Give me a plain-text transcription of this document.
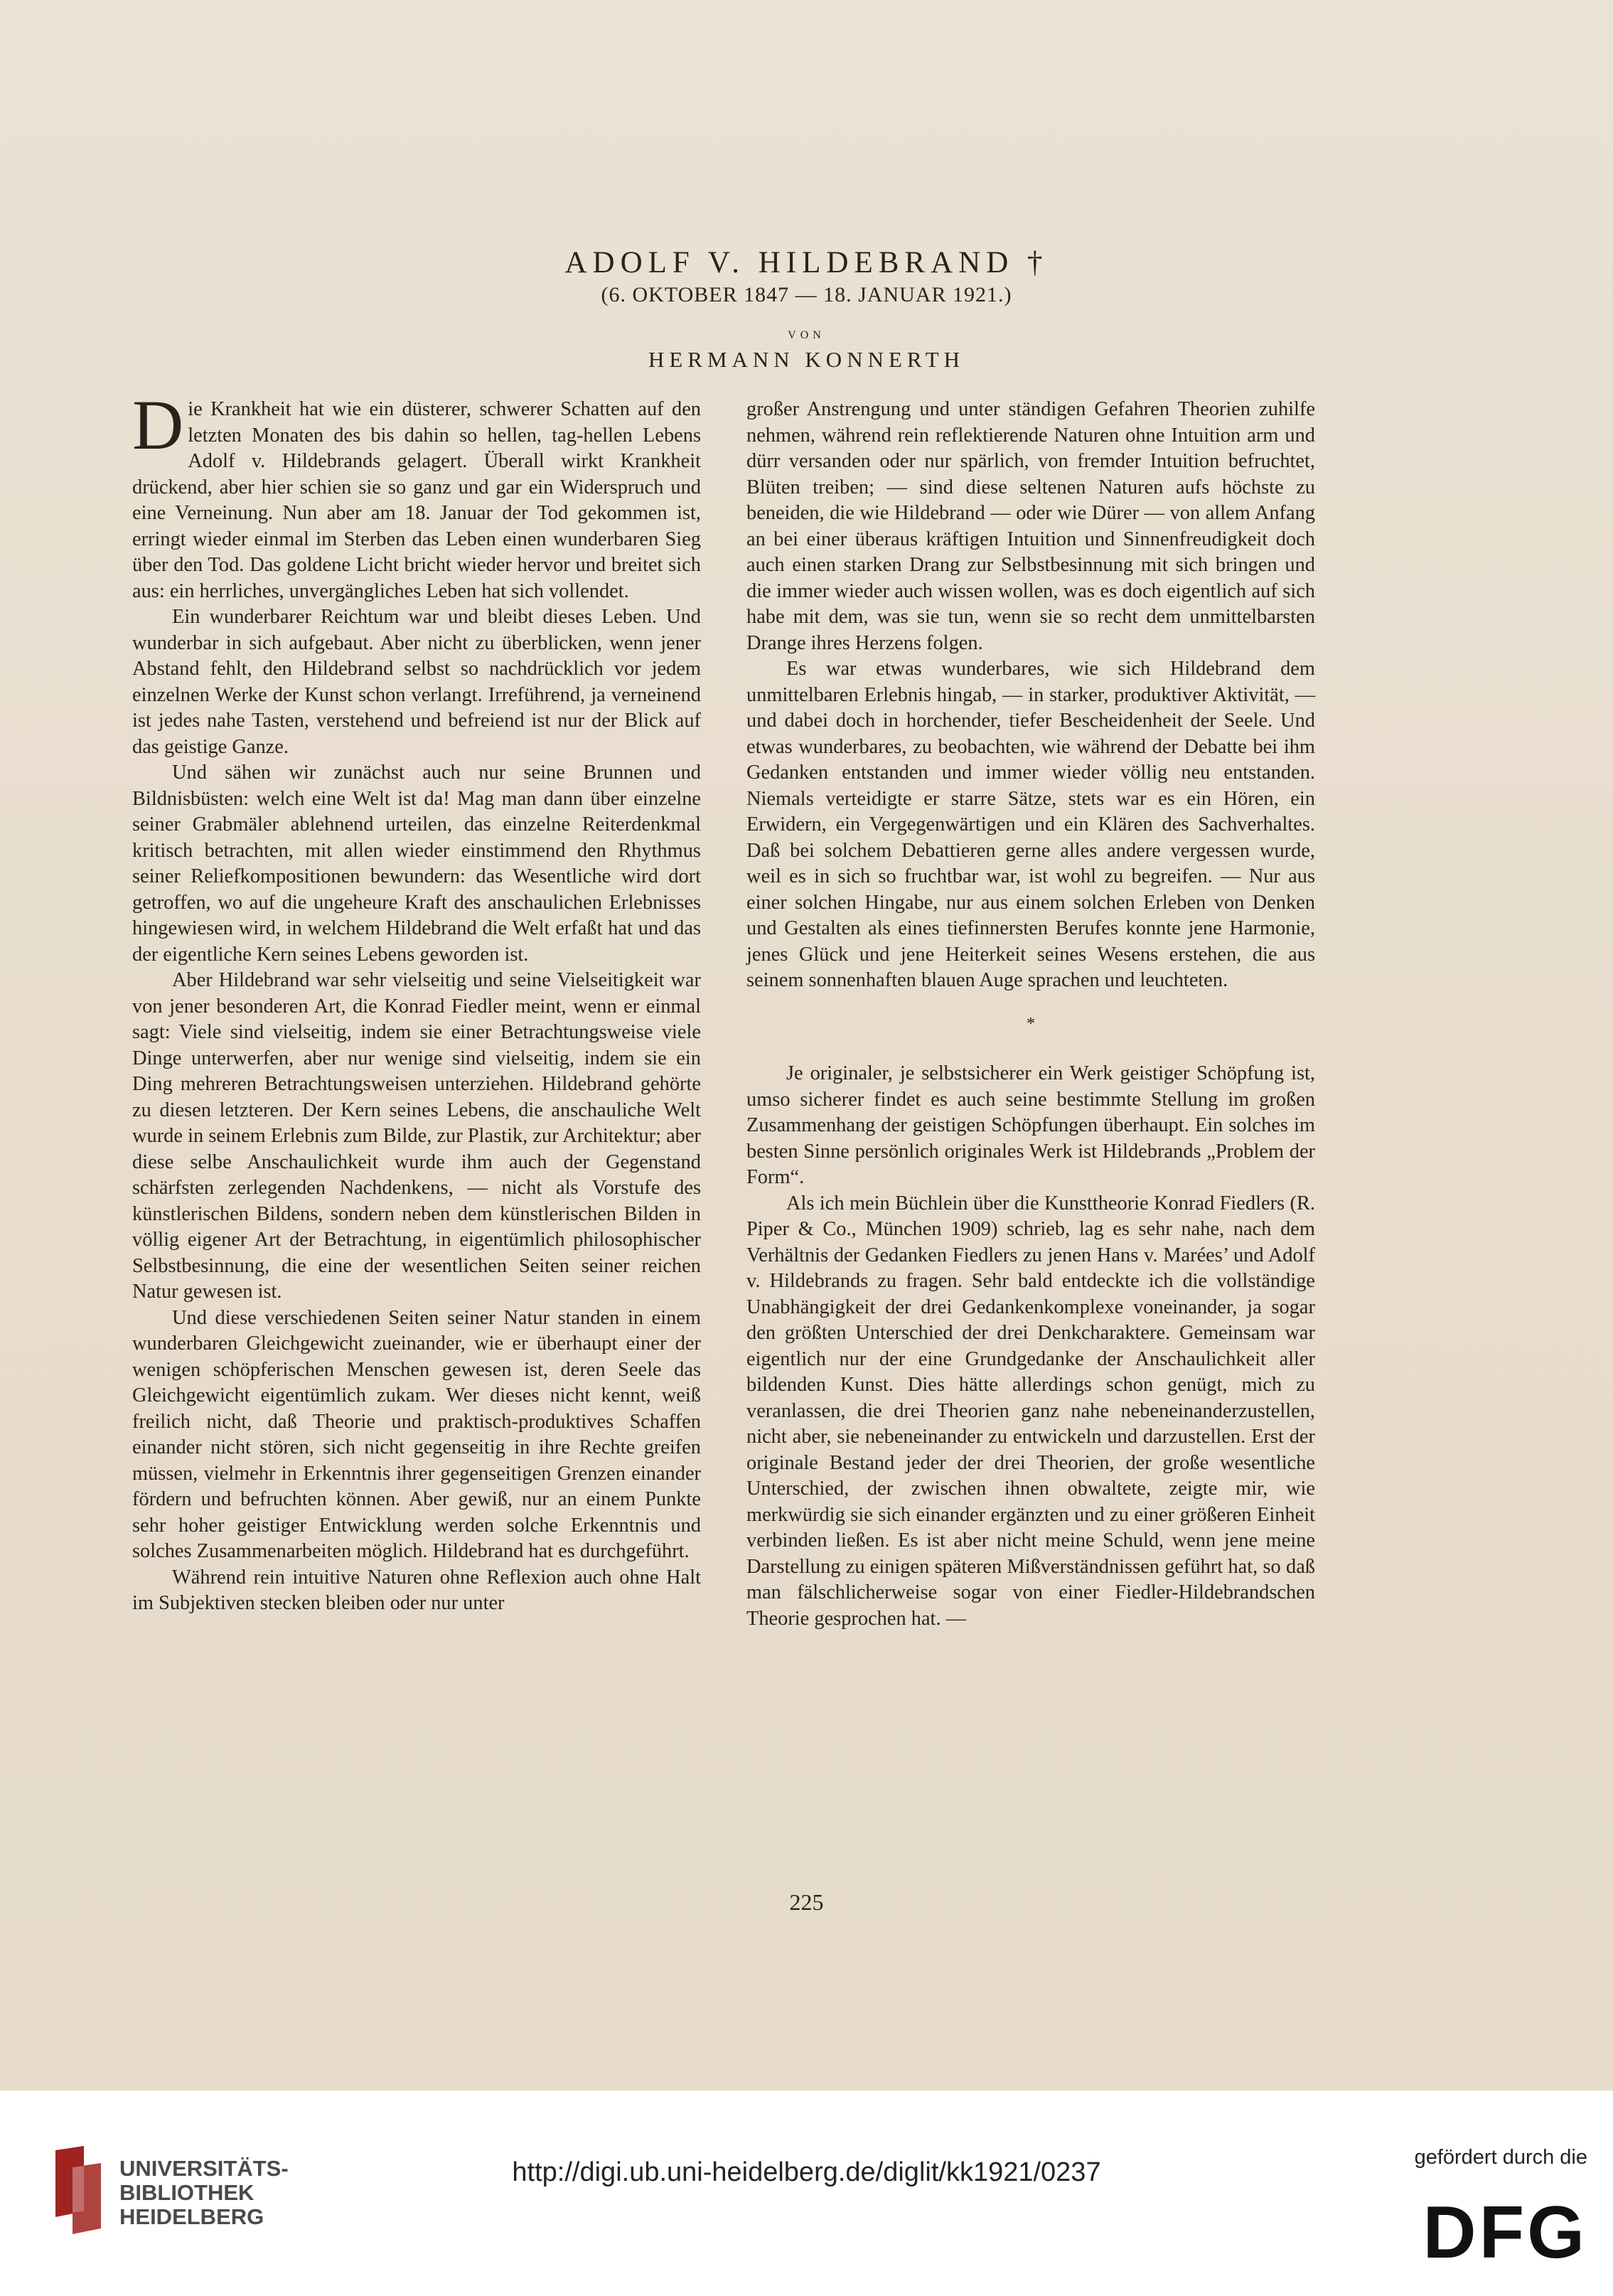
ADOLF V. HILDEBRAND †
(6. OKTOBER 1847 — 18. JANUAR 1921.)
VON
HERMANN KONNERTH

Die Krankheit hat wie ein düsterer, schwerer Schatten auf den letzten Monaten des bis dahin so hellen, tag-hellen Lebens Adolf v. Hildebrands gelagert. Überall wirkt Krankheit drückend, aber hier schien sie so ganz und gar ein Widerspruch und eine Verneinung. Nun aber am 18. Januar der Tod gekommen ist, erringt wieder einmal im Sterben das Leben einen wunderbaren Sieg über den Tod. Das goldene Licht bricht wieder hervor und breitet sich aus: ein herrliches, unvergängliches Leben hat sich vollendet.

Ein wunderbarer Reichtum war und bleibt dieses Leben. Und wunderbar in sich aufgebaut. Aber nicht zu überblicken, wenn jener Abstand fehlt, den Hildebrand selbst so nachdrücklich vor jedem einzelnen Werke der Kunst schon verlangt. Irreführend, ja verneinend ist jedes nahe Tasten, verstehend und befreiend ist nur der Blick auf das geistige Ganze.

Und sähen wir zunächst auch nur seine Brunnen und Bildnisbüsten: welch eine Welt ist da! Mag man dann über einzelne seiner Grabmäler ablehnend urteilen, das einzelne Reiterdenkmal kritisch betrachten, mit allen wieder einstimmend den Rhythmus seiner Reliefkompositionen bewundern: das Wesentliche wird dort getroffen, wo auf die ungeheure Kraft des anschaulichen Erlebnisses hingewiesen wird, in welchem Hildebrand die Welt erfaßt hat und das der eigentliche Kern seines Lebens geworden ist.

Aber Hildebrand war sehr vielseitig und seine Vielseitigkeit war von jener besonderen Art, die Konrad Fiedler meint, wenn er einmal sagt: Viele sind vielseitig, indem sie einer Betrachtungsweise viele Dinge unterwerfen, aber nur wenige sind vielseitig, indem sie ein Ding mehreren Betrachtungsweisen unterziehen. Hildebrand gehörte zu diesen letzteren. Der Kern seines Lebens, die anschauliche Welt wurde in seinem Erlebnis zum Bilde, zur Plastik, zur Architektur; aber diese selbe Anschaulichkeit wurde ihm auch der Gegenstand schärfsten zerlegenden Nachdenkens, — nicht als Vorstufe des künstlerischen Bildens, sondern neben dem künstlerischen Bilden in völlig eigener Art der Betrachtung, in eigentümlich philosophischer Selbstbesinnung, die eine der wesentlichen Seiten seiner reichen Natur gewesen ist.

Und diese verschiedenen Seiten seiner Natur standen in einem wunderbaren Gleichgewicht zueinander, wie er überhaupt einer der wenigen schöpferischen Menschen gewesen ist, deren Seele das Gleichgewicht eigentümlich zukam. Wer dieses nicht kennt, weiß freilich nicht, daß Theorie und praktisch-produktives Schaffen einander nicht stören, sich nicht gegenseitig in ihre Rechte greifen müssen, vielmehr in Erkenntnis ihrer gegenseitigen Grenzen einander fördern und befruchten können. Aber gewiß, nur an einem Punkte sehr hoher geistiger Entwicklung werden solche Erkenntnis und solches Zusammenarbeiten möglich. Hildebrand hat es durchgeführt.

Während rein intuitive Naturen ohne Reflexion auch ohne Halt im Subjektiven stecken bleiben oder nur unter

großer Anstrengung und unter ständigen Gefahren Theorien zuhilfe nehmen, während rein reflektierende Naturen ohne Intuition arm und dürr versanden oder nur spärlich, von fremder Intuition befruchtet, Blüten treiben; — sind diese seltenen Naturen aufs höchste zu beneiden, die wie Hildebrand — oder wie Dürer — von allem Anfang an bei einer überaus kräftigen Intuition und Sinnenfreudigkeit doch auch einen starken Drang zur Selbstbesinnung mit sich bringen und die immer wieder auch wissen wollen, was es doch eigentlich auf sich habe mit dem, was sie tun, wenn sie so recht dem unmittelbarsten Drange ihres Herzens folgen.

Es war etwas wunderbares, wie sich Hildebrand dem unmittelbaren Erlebnis hingab, — in starker, produktiver Aktivität, — und dabei doch in horchender, tiefer Bescheidenheit der Seele. Und etwas wunderbares, zu beobachten, wie während der Debatte bei ihm Gedanken entstanden und immer wieder völlig neu entstanden. Niemals verteidigte er starre Sätze, stets war es ein Hören, ein Erwidern, ein Vergegenwärtigen und ein Klären des Sachverhaltes. Daß bei solchem Debattieren gerne alles andere vergessen wurde, weil es in sich so fruchtbar war, ist wohl zu begreifen. — Nur aus einer solchen Hingabe, nur aus einem solchen Erleben von Denken und Gestalten als eines tiefinnersten Berufes konnte jene Harmonie, jenes Glück und jene Heiterkeit seines Wesens erstehen, die aus seinem sonnenhaften blauen Auge sprachen und leuchteten.

*

Je originaler, je selbstsicherer ein Werk geistiger Schöpfung ist, umso sicherer findet es auch seine bestimmte Stellung im großen Zusammenhang der geistigen Schöpfungen überhaupt. Ein solches im besten Sinne persönlich originales Werk ist Hildebrands „Problem der Form“.

Als ich mein Büchlein über die Kunsttheorie Konrad Fiedlers (R. Piper & Co., München 1909) schrieb, lag es sehr nahe, nach dem Verhältnis der Gedanken Fiedlers zu jenen Hans v. Marées’ und Adolf v. Hildebrands zu fragen. Sehr bald entdeckte ich die vollständige Unabhängigkeit der drei Gedankenkomplexe voneinander, ja sogar den größten Unterschied der drei Denkcharaktere. Gemeinsam war eigentlich nur der eine Grundgedanke der Anschaulichkeit aller bildenden Kunst. Dies hätte allerdings schon genügt, mich zu veranlassen, die drei Theorien ganz nahe nebeneinanderzustellen, nicht aber, sie nebeneinander zu entwickeln und darzustellen. Erst der originale Bestand jeder der drei Theorien, der große wesentliche Unterschied, der zwischen ihnen obwaltete, zeigte mir, wie merkwürdig sie sich einander ergänzten und zu einer größeren Einheit verbinden ließen. Es ist aber nicht meine Schuld, wenn jene meine Darstellung zu einigen späteren Mißverständnissen geführt hat, so daß man fälschlicherweise sogar von einer Fiedler-Hildebrandschen Theorie gesprochen hat. —

225
UNIVERSITÄTS-
BIBLIOTHEK
HEIDELBERG
http://digi.ub.uni-heidelberg.de/diglit/kk1921/0237	gefördert durch die
DFG
